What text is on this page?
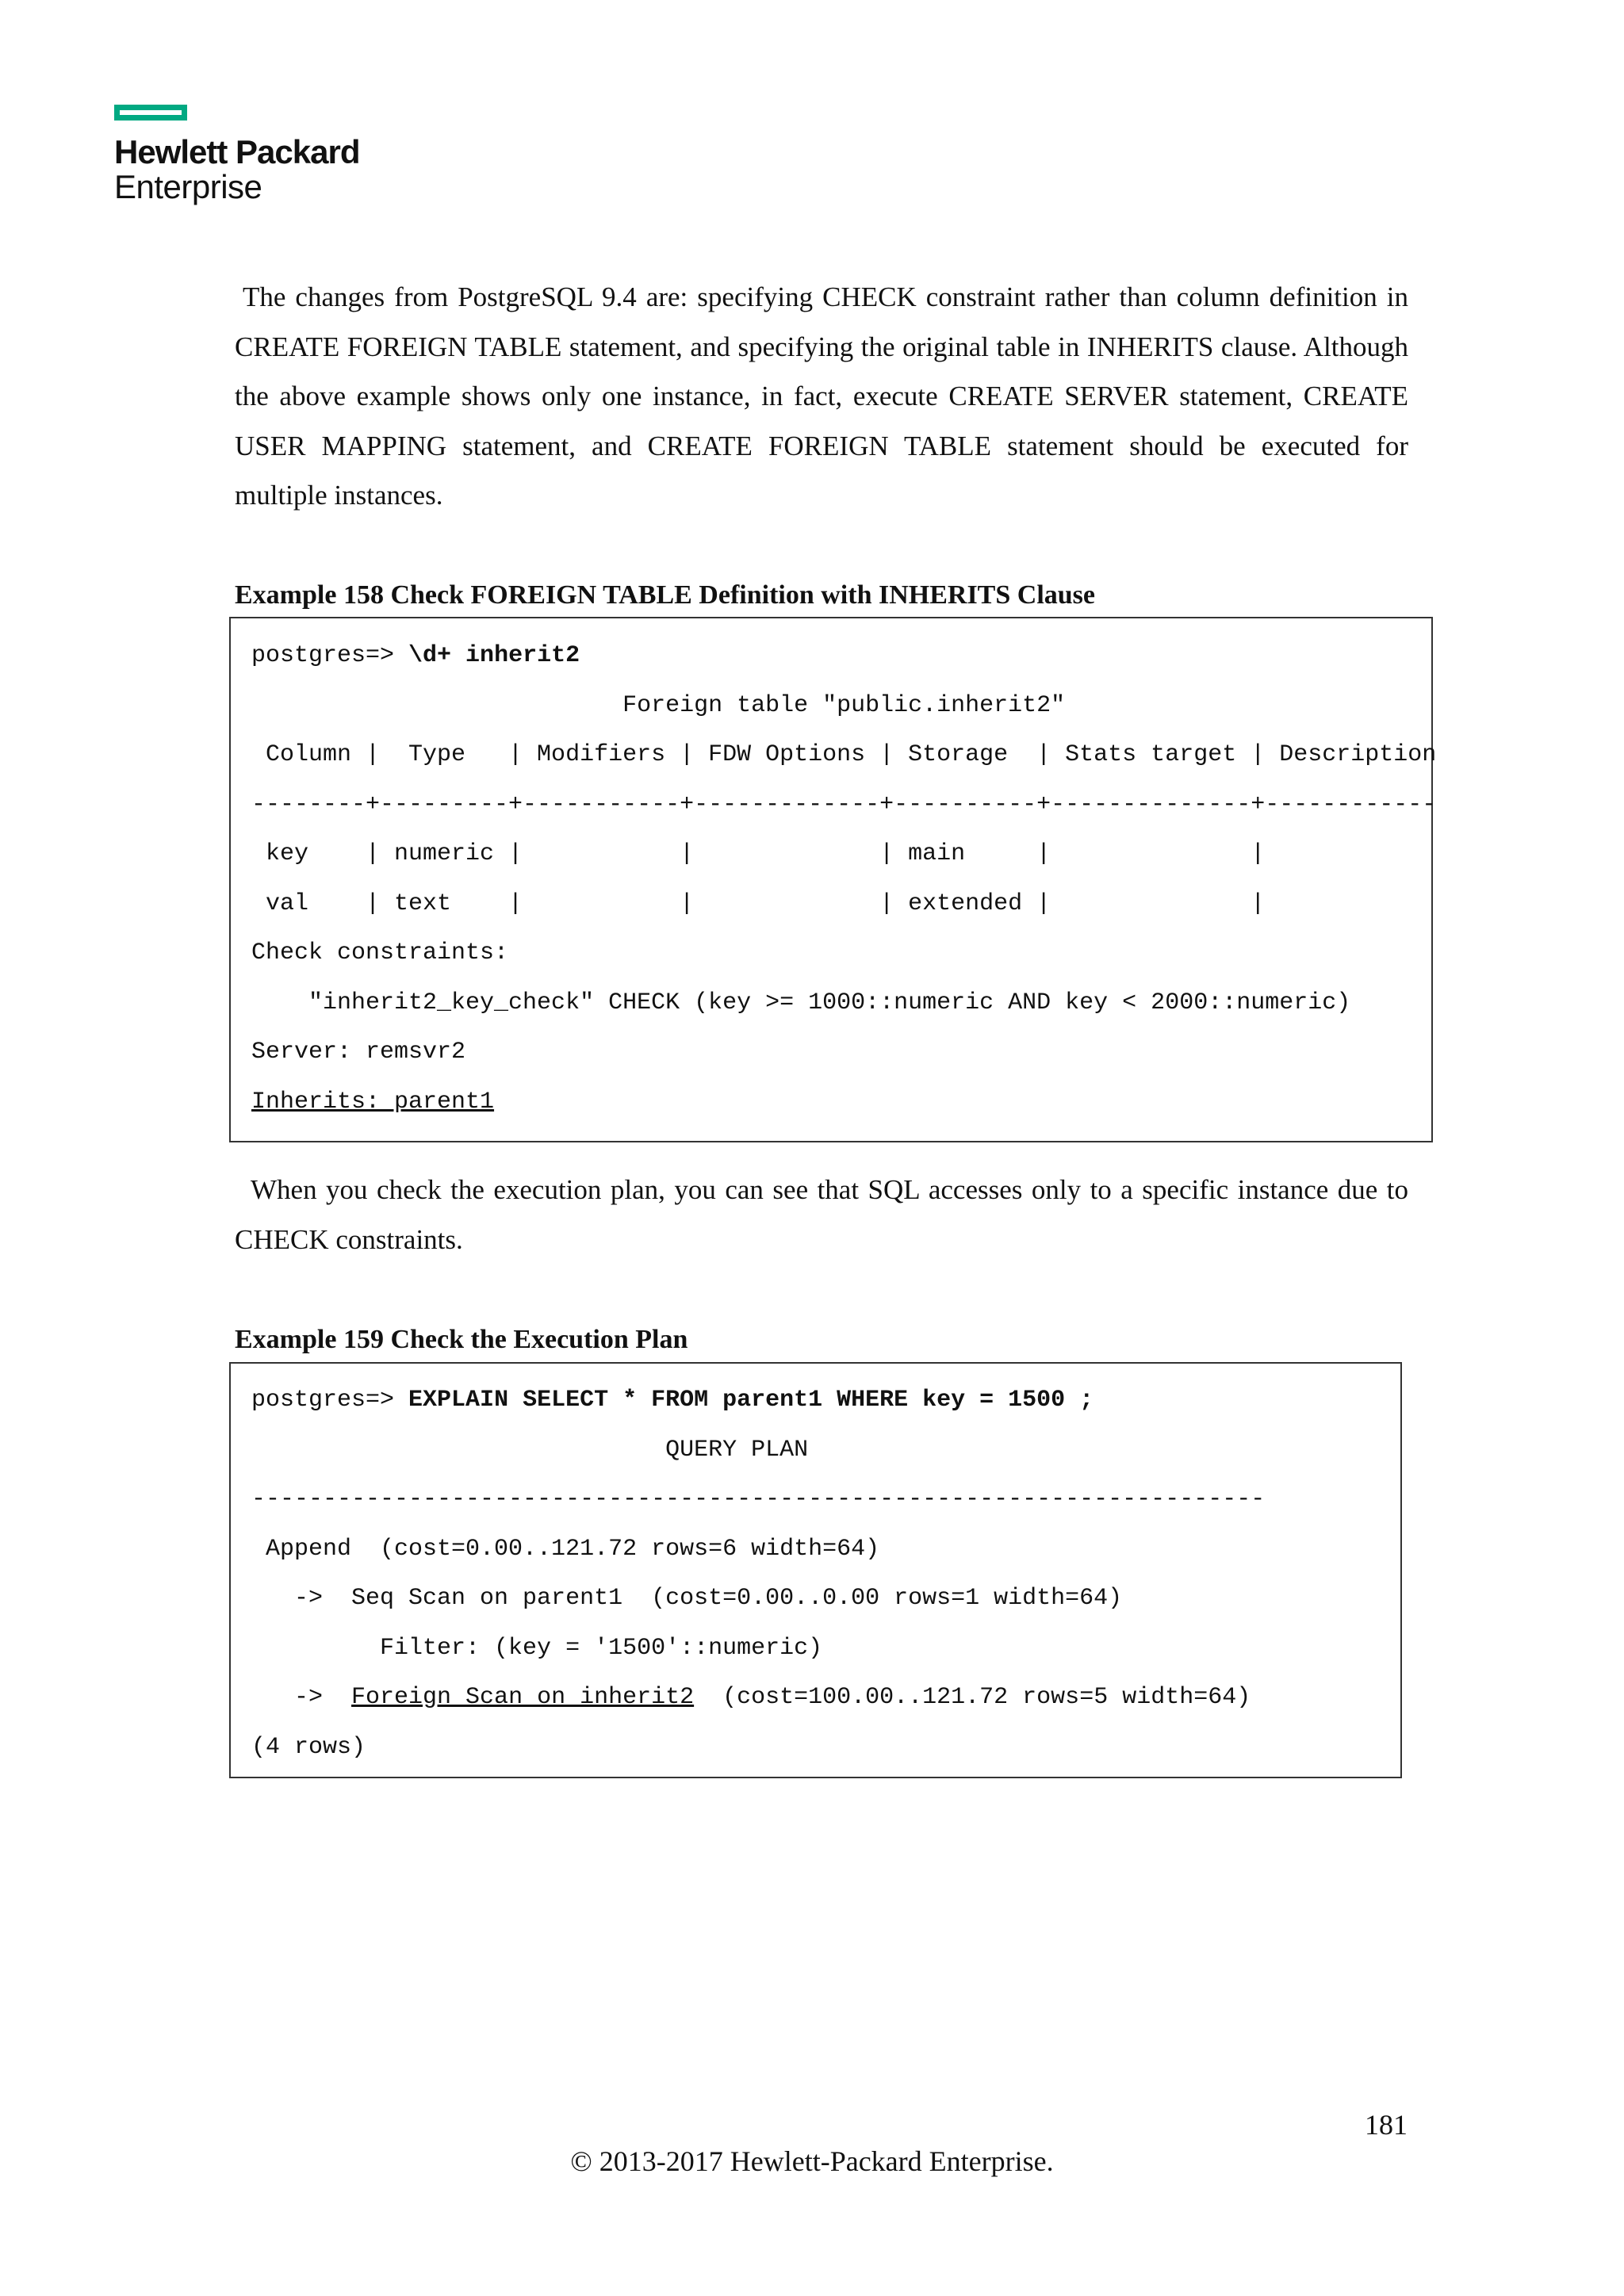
Hewlett Packard
Enterprise

The changes from PostgreSQL 9.4 are: specifying CHECK constraint rather than column definition in CREATE FOREIGN TABLE statement, and specifying the original table in INHERITS clause. Although the above example shows only one instance, in fact, execute CREATE SERVER statement, CREATE USER MAPPING statement, and CREATE FOREIGN TABLE statement should be executed for multiple instances.

Example 158 Check FOREIGN TABLE Definition with INHERITS Clause

postgres=> \d+ inherit2
Foreign table "public.inherit2"
Column |  Type   | Modifiers | FDW Options | Storage  | Stats target | Description
--------+---------+-----------+-------------+----------+--------------+------------
key    | numeric |           |             | main     |              |
val    | text    |           |             | extended |              |
Check constraints:
"inherit2_key_check" CHECK (key >= 1000::numeric AND key < 2000::numeric)
Server: remsvr2
Inherits: parent1

When you check the execution plan, you can see that SQL accesses only to a specific instance due to CHECK constraints.

Example 159 Check the Execution Plan

postgres=> EXPLAIN SELECT * FROM parent1 WHERE key = 1500 ;
QUERY PLAN
-----------------------------------------------------------------------
Append  (cost=0.00..121.72 rows=6 width=64)
->  Seq Scan on parent1  (cost=0.00..0.00 rows=1 width=64)
Filter: (key = '1500'::numeric)
->  Foreign Scan on inherit2  (cost=100.00..121.72 rows=5 width=64)
(4 rows)
181
© 2013-2017 Hewlett-Packard Enterprise.
